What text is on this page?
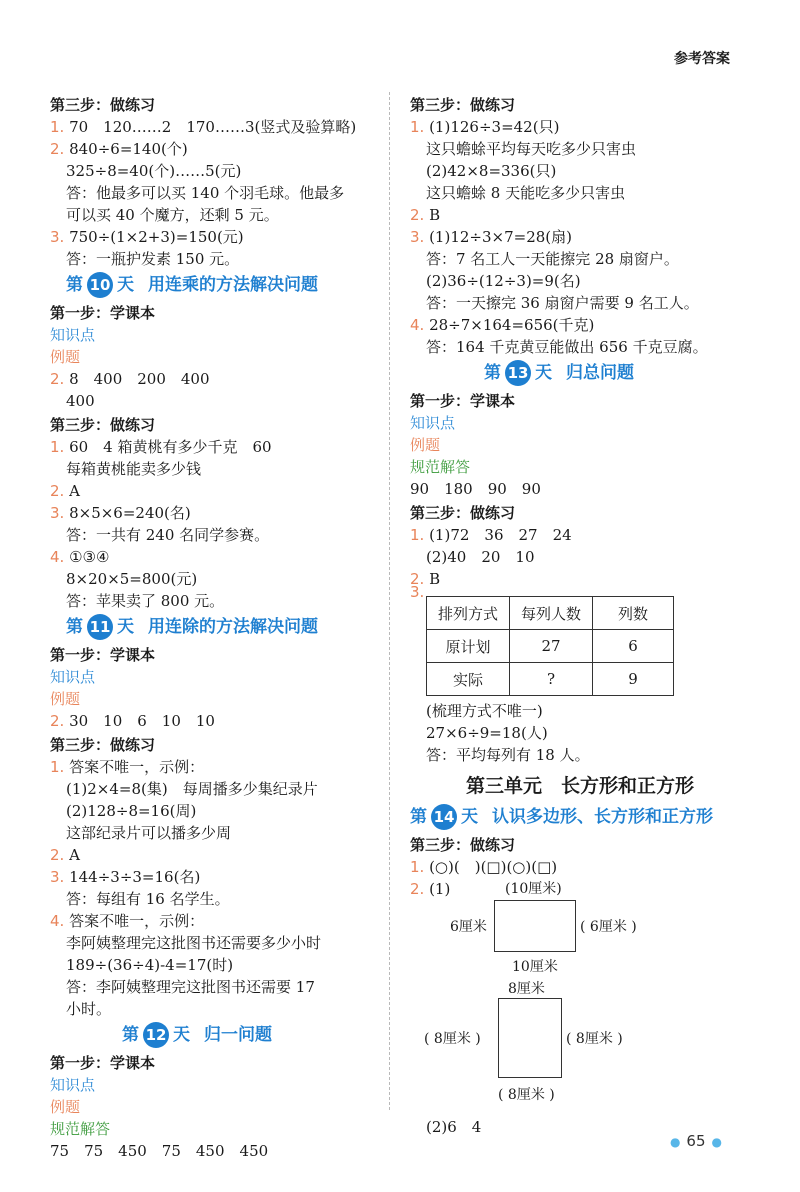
参考答案
第三步：做练习
1. 70　120……2　170……3(竖式及验算略)
2. 840÷6=140(个)
325÷8=40(个)……5(元)
答：他最多可以买 140 个羽毛球。他最多
可以买 40 个魔方，还剩 5 元。
3. 750÷(1×2+3)=150(元)
答：一瓶护发素 150 元。
第 10 天 用连乘的方法解决问题
第一步：学课本
知识点
例题
2. 8　400　200　400
400
第三步：做练习
1. 60　4 箱黄桃有多少千克　60
每箱黄桃能卖多少钱
2. A
3. 8×5×6=240(名)
答：一共有 240 名同学参赛。
4. ①③④
8×20×5=800(元)
答：苹果卖了 800 元。
第 11 天 用连除的方法解决问题
第一步：学课本
知识点
例题
2. 30　10　6　10　10
第三步：做练习
1. 答案不唯一，示例：
(1)2×4=8(集)　每周播多少集纪录片
(2)128÷8=16(周)
这部纪录片可以播多少周
2. A
3. 144÷3÷3=16(名)
答：每组有 16 名学生。
4. 答案不唯一，示例：
李阿姨整理完这批图书还需要多少小时
189÷(36÷4)-4=17(时)
答：李阿姨整理完这批图书还需要 17
小时。
第 12 天 归一问题
第一步：学课本
知识点
例题
规范解答
75　75　450　75　450　450
第三步：做练习
1. (1)126÷3=42(只)
这只蟾蜍平均每天吃多少只害虫
(2)42×8=336(只)
这只蟾蜍 8 天能吃多少只害虫
2. B
3. (1)12÷3×7=28(扇)
答：7 名工人一天能擦完 28 扇窗户。
(2)36÷(12÷3)=9(名)
答：一天擦完 36 扇窗户需要 9 名工人。
4. 28÷7×164=656(千克)
答：164 千克黄豆能做出 656 千克豆腐。
第 13 天 归总问题
第一步：学课本
知识点
例题
规范解答
90　180　90　90
第三步：做练习
1. (1)72　36　27　24
(2)40　20　10
2. B
3.
排列方式	每列人数	列数
原计划	27	6
实际	?	9
(梳理方式不唯一)
27×6÷9=18(人)
答：平均每列有 18 人。
第三单元　长方形和正方形
第 14 天 认识多边形、长方形和正方形
第三步：做练习
1. (○)(　)(□)(○)(□)
2. (1)	(10厘米)
6厘米	( 6厘米 )
10厘米
8厘米
( 8厘米 )	( 8厘米 )
( 8厘米 )
(2)6　4
● 65 ●
